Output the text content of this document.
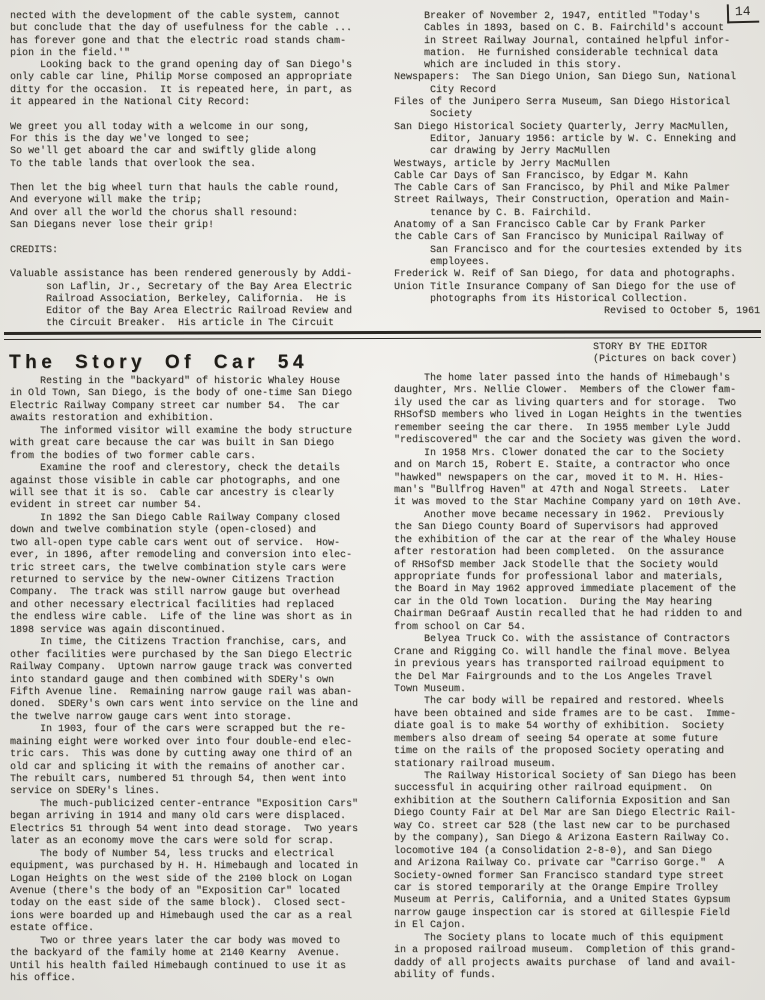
14
nected with the development of the cable system, cannot
but conclude that the day of usefulness for the cable ...
has forever gone and that the electric road stands cham-
pion in the field.'"
Looking back to the grand opening day of San Diego's
only cable car line, Philip Morse composed an appropriate
ditty for the occasion.  It is repeated here, in part, as
it appeared in the National City Record:

We greet you all today with a welcome in our song,
For this is the day we've longed to see;
So we'll get aboard the car and swiftly glide along
To the table lands that overlook the sea.

Then let the big wheel turn that hauls the cable round,
And everyone will make the trip;
And over all the world the chorus shall resound:
San Diegans never lose their grip!

CREDITS:

Valuable assistance has been rendered generously by Addi-
son Laflin, Jr., Secretary of the Bay Area Electric
Railroad Association, Berkeley, California.  He is
Editor of the Bay Area Electric Railroad Review and
the Circuit Breaker.  His article in The Circuit
Breaker of November 2, 1947, entitled "Today's
Cables in 1893, based on C. B. Fairchild's account
in Street Railway Journal, contained helpful infor-
mation.  He furnished considerable technical data
which are included in this story.
Newspapers:  The San Diego Union, San Diego Sun, National
City Record
Files of the Junipero Serra Museum, San Diego Historical
Society
San Diego Historical Society Quarterly, Jerry MacMullen,
Editor, January 1956: article by W. C. Enneking and
car drawing by Jerry MacMullen
Westways, article by Jerry MacMullen
Cable Car Days of San Francisco, by Edgar M. Kahn
The Cable Cars of San Francisco, by Phil and Mike Palmer
Street Railways, Their Construction, Operation and Main-
tenance by C. B. Fairchild.
Anatomy of a San Francisco Cable Car by Frank Parker
the Cable Cars of San Francisco by Municipal Railway of
San Francisco and for the courtesies extended by its
employees.
Frederick W. Reif of San Diego, for data and photographs.
Union Title Insurance Company of San Diego for the use of
photographs from its Historical Collection.
Revised to October 5, 1961
The Story Of Car 54
STORY BY THE EDITOR
(Pictures on back cover)
Resting in the "backyard" of historic Whaley House
in Old Town, San Diego, is the body of one-time San Diego
Electric Railway Company street car number 54.  The car
awaits restoration and exhibition.
The informed visitor will examine the body structure
with great care because the car was built in San Diego
from the bodies of two former cable cars.
Examine the roof and clerestory, check the details
against those visible in cable car photographs, and one
will see that it is so.  Cable car ancestry is clearly
evident in street car number 54.
In 1892 the San Diego Cable Railway Company closed
down and twelve combination style (open-closed) and
two all-open type cable cars went out of service.  How-
ever, in 1896, after remodeling and conversion into elec-
tric street cars, the twelve combination style cars were
returned to service by the new-owner Citizens Traction
Company.  The track was still narrow gauge but overhead
and other necessary electrical facilities had replaced
the endless wire cable.  Life of the line was short as in
1898 service was again discontinued.
In time, the Citizens Traction franchise, cars, and
other facilities were purchased by the San Diego Electric
Railway Company.  Uptown narrow gauge track was converted
into standard gauge and then combined with SDERy's own
Fifth Avenue line.  Remaining narrow gauge rail was aban-
doned.  SDERy's own cars went into service on the line and
the twelve narrow gauge cars went into storage.
In 1903, four of the cars were scrapped but the re-
maining eight were worked over into four double-end elec-
tric cars.  This was done by cutting away one third of an
old car and splicing it with the remains of another car.
The rebuilt cars, numbered 51 through 54, then went into
service on SDERy's lines.
The much-publicized center-entrance "Exposition Cars"
began arriving in 1914 and many old cars were displaced.
Electrics 51 through 54 went into dead storage.  Two years
later as an economy move the cars were sold for scrap.
The body of Number 54, less trucks and electrical
equipment, was purchased by H. H. Himebaugh and located in
Logan Heights on the west side of the 2100 block on Logan
Avenue (there's the body of an "Exposition Car" located
today on the east side of the same block).  Closed sect-
ions were boarded up and Himebaugh used the car as a real
estate office.
Two or three years later the car body was moved to
the backyard of the family home at 2140 Kearny  Avenue.
Until his health failed Himebaugh continued to use it as
his office.
The home later passed into the hands of Himebaugh's
daughter, Mrs. Nellie Clower.  Members of the Clower fam-
ily used the car as living quarters and for storage.  Two
RHSofSD members who lived in Logan Heights in the twenties
remember seeing the car there.  In 1955 member Lyle Judd
"rediscovered" the car and the Society was given the word.
In 1958 Mrs. Clower donated the car to the Society
and on March 15, Robert E. Staite, a contractor who once
"hawked" newspapers on the car, moved it to M. H. Hies-
man's "Bullfrog Haven" at 47th and Nogal Streets.  Later
it was moved to the Star Machine Company yard on 10th Ave.
Another move became necessary in 1962.  Previously
the San Diego County Board of Supervisors had approved
the exhibition of the car at the rear of the Whaley House
after restoration had been completed.  On the assurance
of RHSofSD member Jack Stodelle that the Society would
appropriate funds for professional labor and materials,
the Board in May 1962 approved immediate placement of the
car in the Old Town location.  During the May hearing
Chairman DeGraaf Austin recalled that he had ridden to and
from school on Car 54.
Belyea Truck Co. with the assistance of Contractors
Crane and Rigging Co. will handle the final move. Belyea
in previous years has transported railroad equipment to
the Del Mar Fairgrounds and to the Los Angeles Travel
Town Museum.
The car body will be repaired and restored. Wheels
have been obtained and side frames are to be cast.  Imme-
diate goal is to make 54 worthy of exhibition.  Society
members also dream of seeing 54 operate at some future
time on the rails of the proposed Society operating and
stationary railroad museum.
The Railway Historical Society of San Diego has been
successful in acquiring other railroad equipment.  On
exhibition at the Southern California Exposition and San
Diego County Fair at Del Mar are San Diego Electric Rail-
way Co. street car 528 (the last new car to be purchased
by the company), San Diego & Arizona Eastern Railway Co.
locomotive 104 (a Consolidation 2-8-0), and San Diego
and Arizona Railway Co. private car "Carriso Gorge."  A
Society-owned former San Francisco standard type street
car is stored temporarily at the Orange Empire Trolley
Museum at Perris, California, and a United States Gypsum
narrow gauge inspection car is stored at Gillespie Field
in El Cajon.
The Society plans to locate much of this equipment
in a proposed railroad museum.  Completion of this grand-
daddy of all projects awaits purchase  of land and avail-
ability of funds.
